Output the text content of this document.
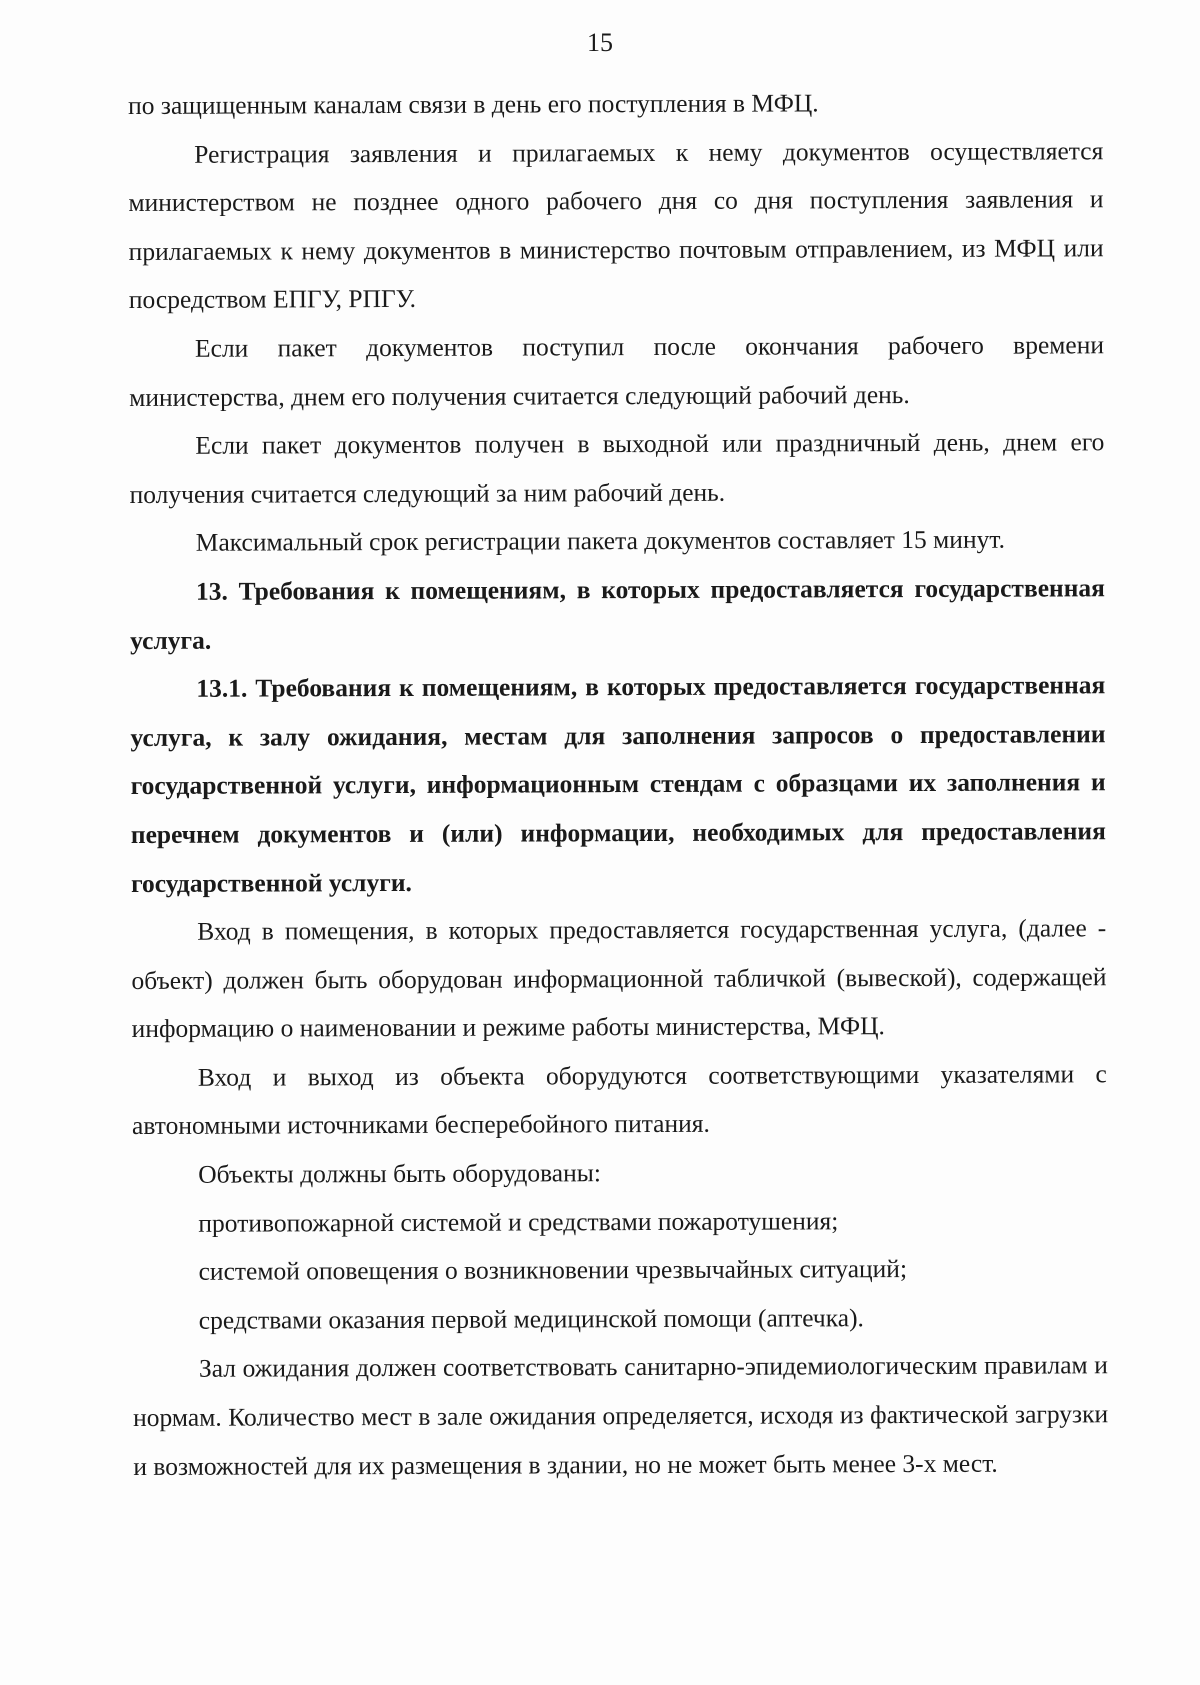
15

по защищенным каналам связи в день его поступления в МФЦ.

Регистрация заявления и прилагаемых к нему документов осуществляется министерством не позднее одного рабочего дня со дня поступления заявления и прилагаемых к нему документов в министерство почтовым отправлением, из МФЦ или посредством ЕПГУ, РПГУ.

Если пакет документов поступил после окончания рабочего времени министерства, днем его получения считается следующий рабочий день.

Если пакет документов получен в выходной или праздничный день, днем его получения считается следующий за ним рабочий день.

Максимальный срок регистрации пакета документов составляет 15 минут.

13. Требования к помещениям, в которых предоставляется государственная услуга.

13.1. Требования к помещениям, в которых предоставляется государственная услуга, к залу ожидания, местам для заполнения запросов о предоставлении государственной услуги, информационным стендам с образцами их заполнения и перечнем документов и (или) информации, необходимых для предоставления государственной услуги.

Вход в помещения, в которых предоставляется государственная услуга, (далее - объект) должен быть оборудован информационной табличкой (вывеской), содержащей информацию о наименовании и режиме работы министерства, МФЦ.

Вход и выход из объекта оборудуются соответствующими указателями с автономными источниками бесперебойного питания.

Объекты должны быть оборудованы:

противопожарной системой и средствами пожаротушения;

системой оповещения о возникновении чрезвычайных ситуаций;

средствами оказания первой медицинской помощи (аптечка).

Зал ожидания должен соответствовать санитарно-эпидемиологическим правилам и нормам. Количество мест в зале ожидания определяется, исходя из фактической загрузки и возможностей для их размещения в здании, но не может быть менее 3-х мест.
